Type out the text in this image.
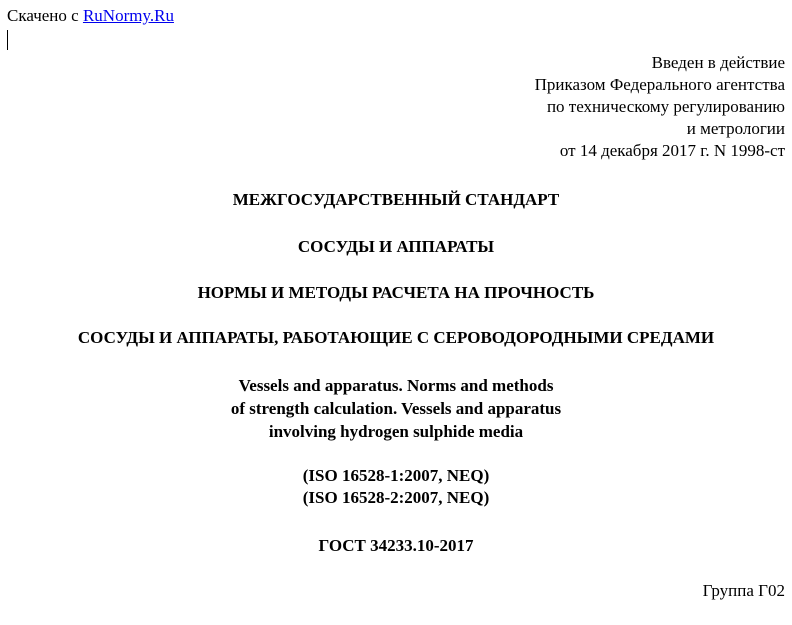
Скачено с RuNormy.Ru
Введен в действие
Приказом Федерального агентства
по техническому регулированию
и метрологии
от 14 декабря 2017 г. N 1998-ст
МЕЖГОСУДАРСТВЕННЫЙ СТАНДАРТ
СОСУДЫ И АППАРАТЫ
НОРМЫ И МЕТОДЫ РАСЧЕТА НА ПРОЧНОСТЬ
СОСУДЫ И АППАРАТЫ, РАБОТАЮЩИЕ С СЕРОВОДОРОДНЫМИ СРЕДАМИ
Vessels and apparatus. Norms and methods
of strength calculation. Vessels and apparatus
involving hydrogen sulphide media
(ISO 16528-1:2007, NEQ)
(ISO 16528-2:2007, NEQ)
ГОСТ 34233.10-2017
Группа Г02
